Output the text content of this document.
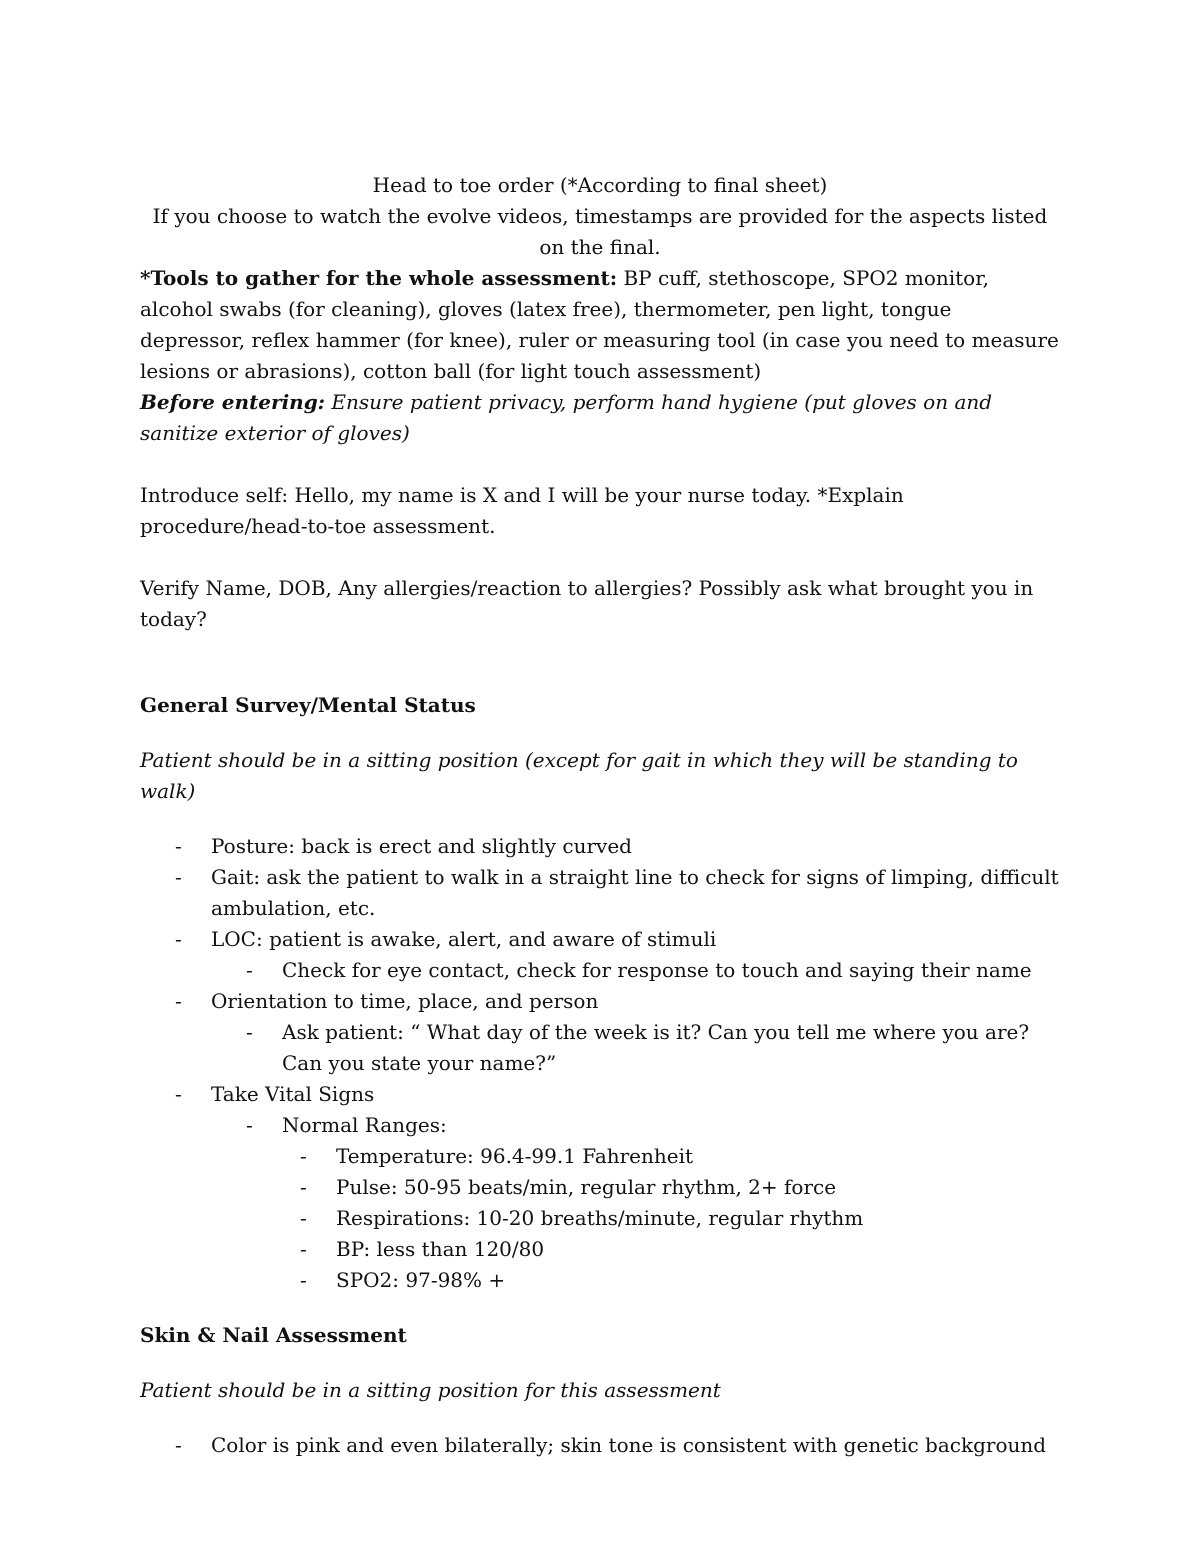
Head to toe order (*According to final sheet)

If you choose to watch the evolve videos, timestamps are provided for the aspects listed on the final.

*Tools to gather for the whole assessment: BP cuff, stethoscope, SPO2 monitor, alcohol swabs (for cleaning), gloves (latex free), thermometer, pen light, tongue depressor, reflex hammer (for knee), ruler or measuring tool (in case you need to measure lesions or abrasions), cotton ball (for light touch assessment)

Before entering: Ensure patient privacy, perform hand hygiene (put gloves on and sanitize exterior of gloves)

Introduce self: Hello, my name is X and I will be your nurse today. *Explain procedure/head-to-toe assessment.

Verify Name, DOB, Any allergies/reaction to allergies? Possibly ask what brought you in today?

General Survey/Mental Status

Patient should be in a sitting position (except for gait in which they will be standing to walk)

- Posture: back is erect and slightly curved
- Gait: ask the patient to walk in a straight line to check for signs of limping, difficult ambulation, etc.
- LOC: patient is awake, alert, and aware of stimuli
- Check for eye contact, check for response to touch and saying their name
- Orientation to time, place, and person
- Ask patient: “ What day of the week is it? Can you tell me where you are? Can you state your name?”
- Take Vital Signs
- Normal Ranges:
- Temperature: 96.4-99.1 Fahrenheit
- Pulse: 50-95 beats/min, regular rhythm, 2+ force
- Respirations: 10-20 breaths/minute, regular rhythm
- BP: less than 120/80
- SPO2: 97-98% +

Skin & Nail Assessment

Patient should be in a sitting position for this assessment

- Color is pink and even bilaterally; skin tone is consistent with genetic background
